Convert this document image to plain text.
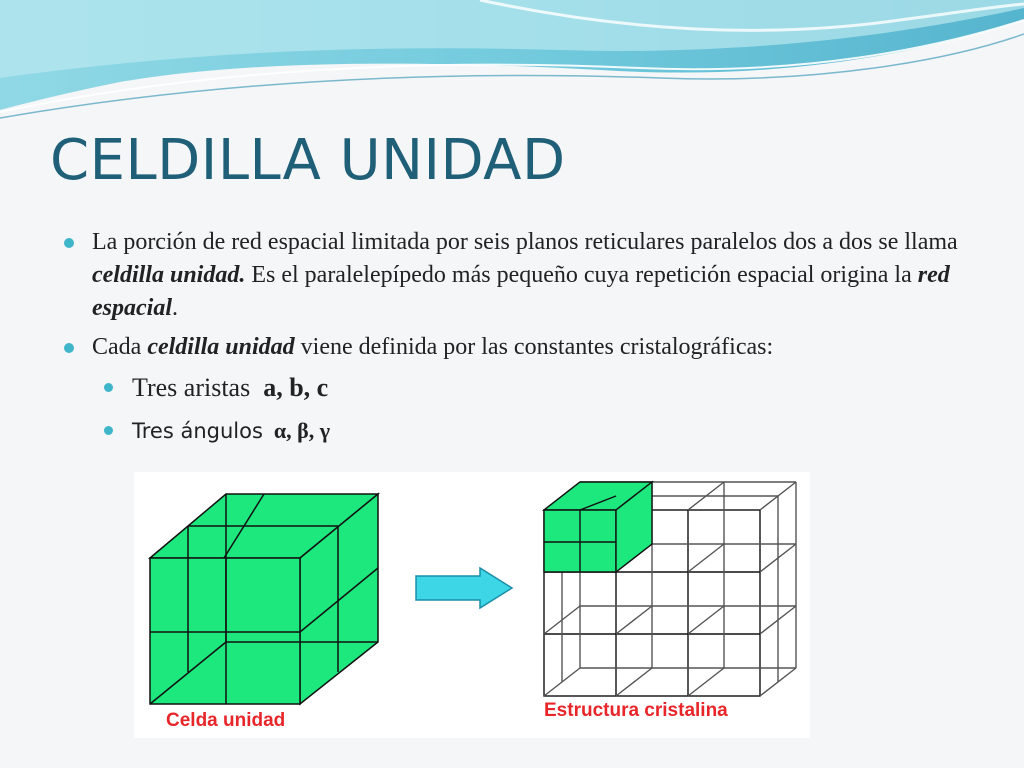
CELDILLA UNIDAD
La porción de red espacial limitada por seis planos reticulares paralelos dos a dos se llama celdilla unidad. Es el paralelepípedo más pequeño cuya repetición espacial origina la red espacial.
Cada celdilla unidad viene definida por las constantes cristalográficas:
Tres aristas a, b, c
Tres ángulos α, β, γ
Celda unidad	Estructura cristalina
